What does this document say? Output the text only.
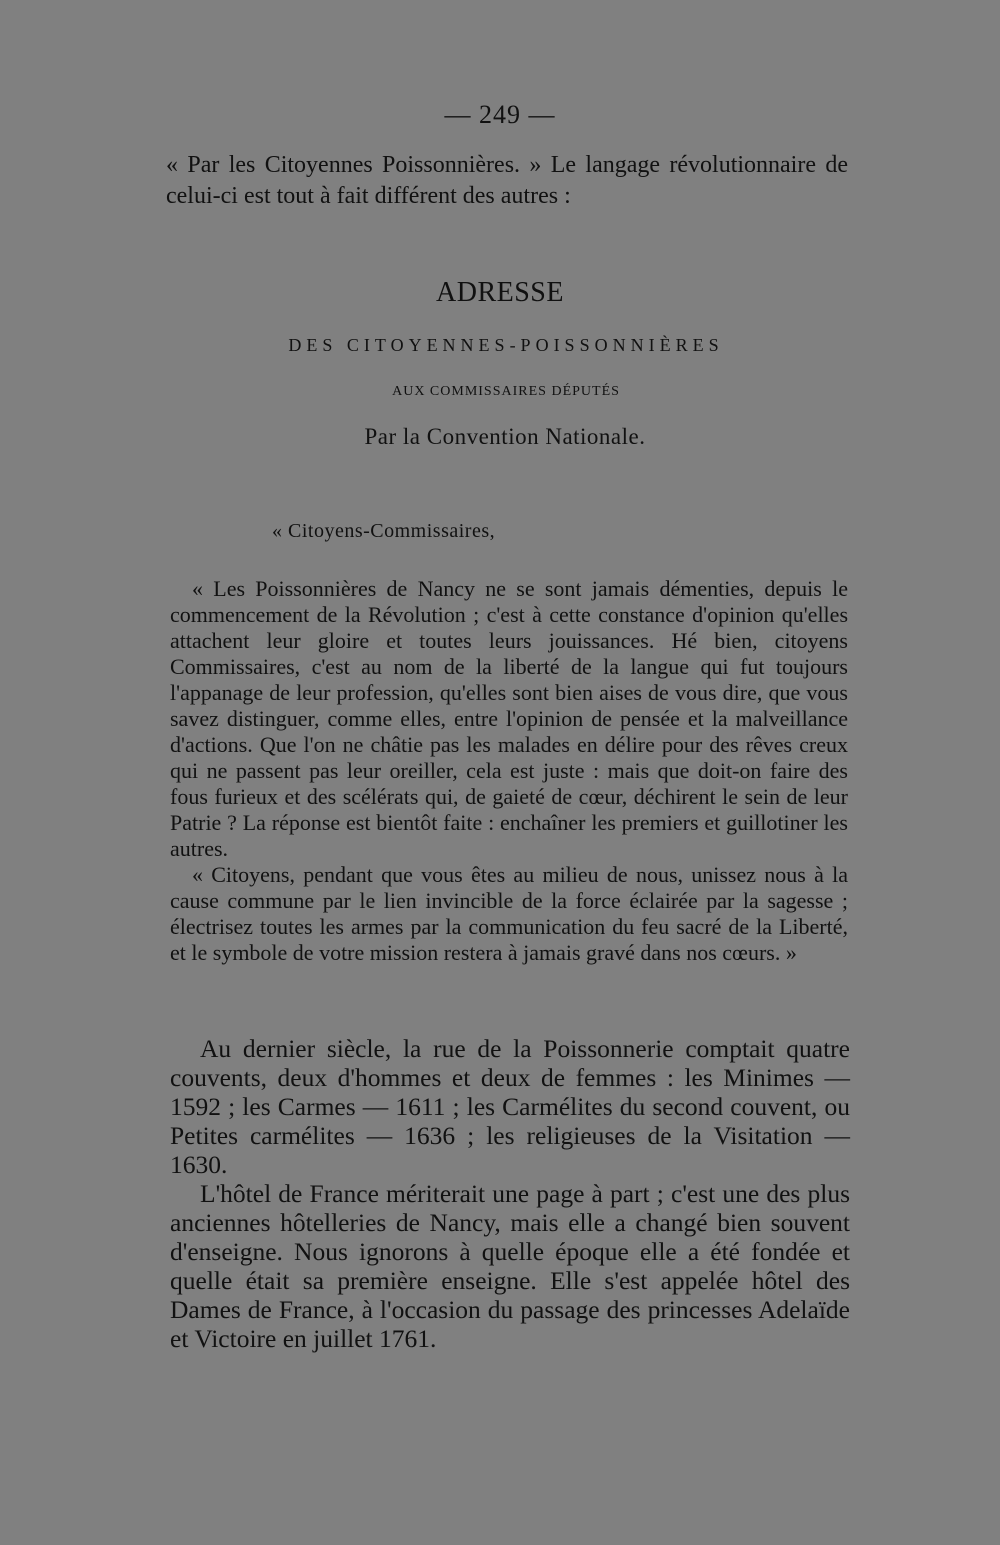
— 249 —
« Par les Citoyennes Poissonnières. » Le langage révolutionnaire de celui-ci est tout à fait différent des autres :
ADRESSE
DES CITOYENNES-POISSONNIÈRES
AUX COMMISSAIRES DÉPUTÉS
Par la Convention Nationale.
« Citoyens-Commissaires,

« Les Poissonnières de Nancy ne se sont jamais démenties, depuis le commencement de la Révolution ; c'est à cette constance d'opinion qu'elles attachent leur gloire et toutes leurs jouissances. Hé bien, citoyens Commissaires, c'est au nom de la liberté de la langue qui fut toujours l'appanage de leur profession, qu'elles sont bien aises de vous dire, que vous savez distinguer, comme elles, entre l'opinion de pensée et la malveillance d'actions. Que l'on ne châtie pas les malades en délire pour des rêves creux qui ne passent pas leur oreiller, cela est juste : mais que doit-on faire des fous furieux et des scélérats qui, de gaieté de cœur, déchirent le sein de leur Patrie ? La réponse est bientôt faite : enchaîner les premiers et guillotiner les autres.

« Citoyens, pendant que vous êtes au milieu de nous, unissez nous à la cause commune par le lien invincible de la force éclairée par la sagesse ; électrisez toutes les armes par la communication du feu sacré de la Liberté, et le symbole de votre mission restera à jamais gravé dans nos cœurs. »

Au dernier siècle, la rue de la Poissonnerie comptait quatre couvents, deux d'hommes et deux de femmes : les Minimes — 1592 ; les Carmes — 1611 ; les Carmélites du second couvent, ou Petites carmélites — 1636 ; les religieuses de la Visitation — 1630.

L'hôtel de France mériterait une page à part ; c'est une des plus anciennes hôtelleries de Nancy, mais elle a changé bien souvent d'enseigne. Nous ignorons à quelle époque elle a été fondée et quelle était sa première enseigne. Elle s'est appelée hôtel des Dames de France, à l'occasion du passage des princesses Adelaïde et Victoire en juillet 1761.
